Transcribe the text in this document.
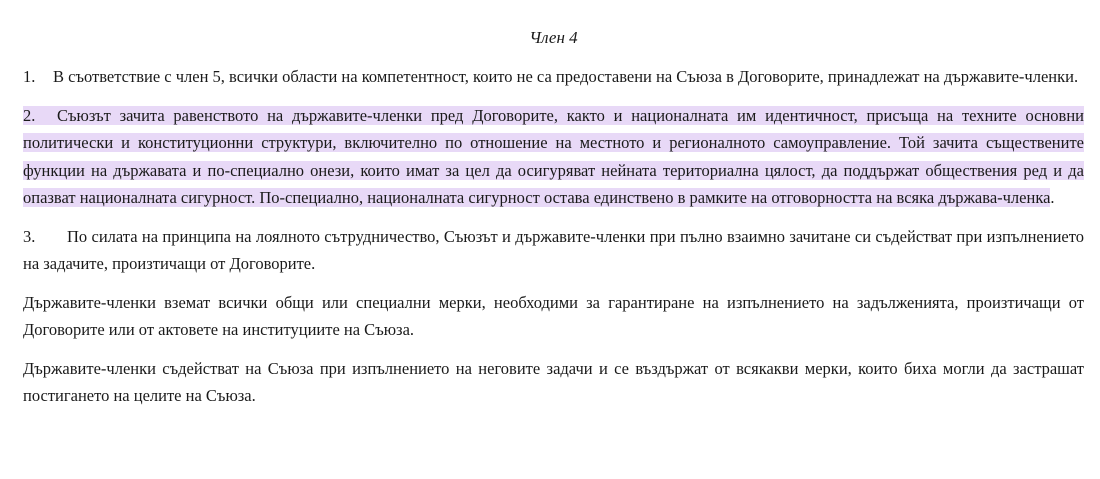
Член 4

1. В съответствие с член 5, всички области на компетентност, които не са предоставени на Съюза в Договорите, принадлежат на държавите-членки.

2. Съюзът зачита равенството на държавите-членки пред Договорите, както и националната им идентичност, присъща на техните основни политически и конституционни структури, включително по отношение на местното и регионалното самоуправление. Той зачита съществените функции на държавата и по-специално онези, които имат за цел да осигуряват нейната териториална цялост, да поддържат обществения ред и да опазват националната сигурност. По-специално, националната сигурност остава единствено в рамките на отговорността на всяка държава-членка.

3. По силата на принципа на лоялното сътрудничество, Съюзът и държавите-членки при пълно взаимно зачитане си съдействат при изпълнението на задачите, произтичащи от Договорите.

Държавите-членки вземат всички общи или специални мерки, необходими за гарантиране на изпълнението на задълженията, произтичащи от Договорите или от актовете на институциите на Съюза.

Държавите-членки съдействат на Съюза при изпълнението на неговите задачи и се въздържат от всякакви мерки, които биха могли да застрашат постигането на целите на Съюза.
